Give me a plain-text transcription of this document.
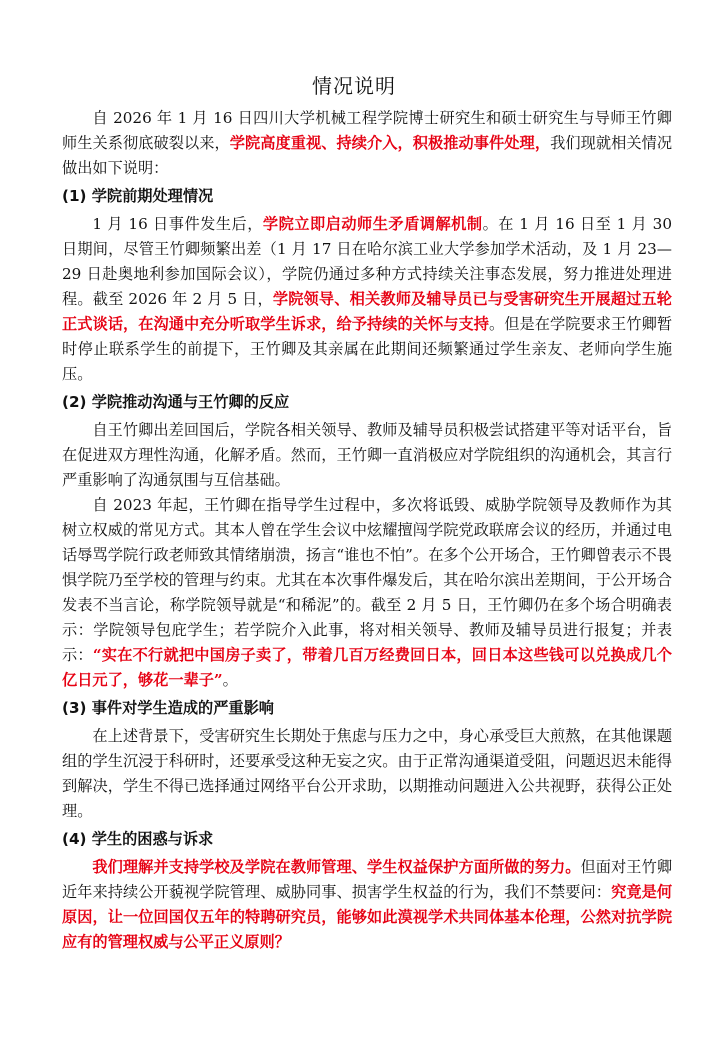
情况说明

自 2026 年 1 月 16 日四川大学机械工程学院博士研究生和硕士研究生与导师王竹卿师生关系彻底破裂以来，学院高度重视、持续介入，积极推动事件处理，我们现就相关情况做出如下说明：

(1) 学院前期处理情况

1 月 16 日事件发生后，学院立即启动师生矛盾调解机制。在 1 月 16 日至 1 月 30 日期间，尽管王竹卿频繁出差（1 月 17 日在哈尔滨工业大学参加学术活动，及 1 月 23—29 日赴奥地利参加国际会议），学院仍通过多种方式持续关注事态发展，努力推进处理进程。截至 2026 年 2 月 5 日，学院领导、相关教师及辅导员已与受害研究生开展超过五轮正式谈话，在沟通中充分听取学生诉求，给予持续的关怀与支持。但是在学院要求王竹卿暂时停止联系学生的前提下，王竹卿及其亲属在此期间还频繁通过学生亲友、老师向学生施压。

(2) 学院推动沟通与王竹卿的反应

自王竹卿出差回国后，学院各相关领导、教师及辅导员积极尝试搭建平等对话平台，旨在促进双方理性沟通，化解矛盾。然而，王竹卿一直消极应对学院组织的沟通机会，其言行严重影响了沟通氛围与互信基础。

自 2023 年起，王竹卿在指导学生过程中，多次将诋毁、威胁学院领导及教师作为其树立权威的常见方式。其本人曾在学生会议中炫耀擅闯学院党政联席会议的经历，并通过电话辱骂学院行政老师致其情绪崩溃，扬言“谁也不怕”。在多个公开场合，王竹卿曾表示不畏惧学院乃至学校的管理与约束。尤其在本次事件爆发后，其在哈尔滨出差期间，于公开场合发表不当言论，称学院领导就是“和稀泥”的。截至 2 月 5 日，王竹卿仍在多个场合明确表示：学院领导包庇学生；若学院介入此事，将对相关领导、教师及辅导员进行报复；并表示：“实在不行就把中国房子卖了，带着几百万经费回日本，回日本这些钱可以兑换成几个亿日元了，够花一辈子”。

(3) 事件对学生造成的严重影响

在上述背景下，受害研究生长期处于焦虑与压力之中，身心承受巨大煎熬，在其他课题组的学生沉浸于科研时，还要承受这种无妄之灾。由于正常沟通渠道受阻，问题迟迟未能得到解决，学生不得已选择通过网络平台公开求助，以期推动问题进入公共视野，获得公正处理。

(4) 学生的困惑与诉求

我们理解并支持学校及学院在教师管理、学生权益保护方面所做的努力。但面对王竹卿近年来持续公开藐视学院管理、威胁同事、损害学生权益的行为，我们不禁要问：究竟是何原因，让一位回国仅五年的特聘研究员，能够如此漠视学术共同体基本伦理，公然对抗学院应有的管理权威与公平正义原则？
